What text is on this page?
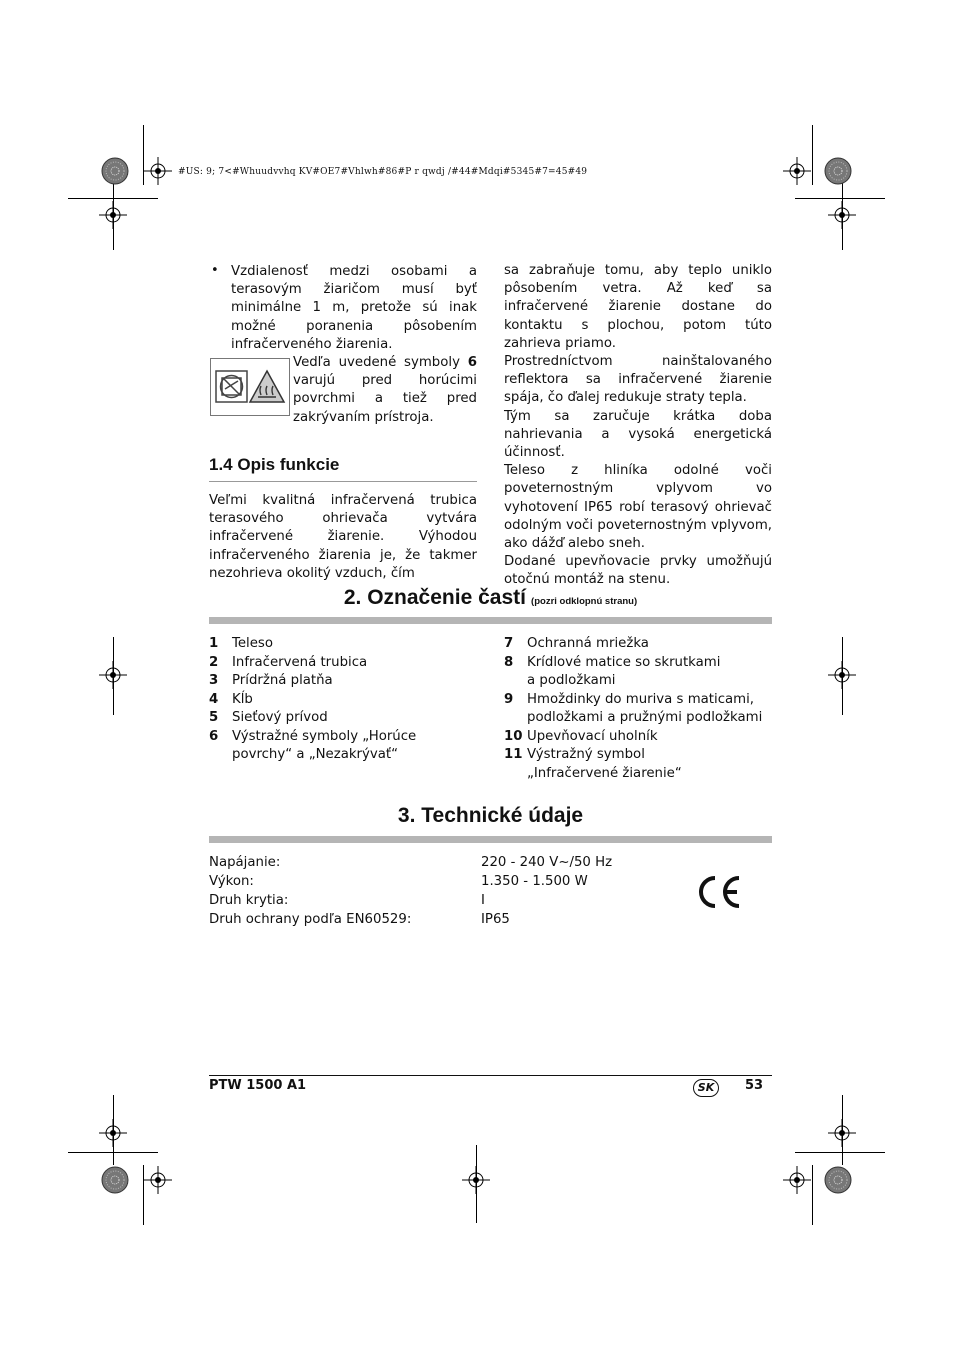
#US: 9; 7<#Whuudvvhq KV#OE7#Vhlwh#86#P r qwdj /#44#Mdqi#5345#7=45#49
Vzdialenosť medzi osobami a terasovým žiaričom musí byť minimálne 1 m, pretože sú inak možné poranenia pôsobením infračerveného žiarenia.
•
Vedľa uvedené symboly 6 varujú pred horúcimi povrchmi a tiež pred zakrývaním prístroja.
1.4 Opis funkcie
Veľmi kvalitná infračervená trubica terasového ohrievača vytvára infračervené žiarenie. Výhodou infračerveného žiarenia je, že takmer nezohrieva okolitý vzduch, čím
sa zabraňuje tomu, aby teplo uniklo pôsobením vetra. Až keď sa infračervené žiarenie dostane do kontaktu s plochou, potom túto zahrieva priamo.
Prostredníctvom nainštalovaného reflektora sa infračervené žiarenie spája, čo ďalej redukuje straty tepla.
Tým sa zaručuje krátka doba nahrievania a vysoká energetická účinnosť.
Teleso z hliníka odolné voči poveternostným vplyvom vo vyhotovení IP65 robí terasový ohrievač odolným voči poveternostným vplyvom, ako dážď alebo sneh.
Dodané upevňovacie prvky umožňujú otočnú montáž na stenu.
2. Označenie častí (pozri odklopnú stranu)
1	Teleso
2	Infračervená trubica
3	Prídržná platňa
4	Kĺb
5	Sieťový prívod
6	Výstražné symboly „Horúce povrchy“ a „Nezakrývať“
7	Ochranná mriežka
8	Krídlové matice so skrutkami a podložkami
9	Hmoždinky do muriva s maticami, podložkami a pružnými podložkami
10 Upevňovací uholník
11 Výstražný symbol „Infračervené žiarenie“
3. Technické údaje
Napájanie:	220 - 240 V~/50 Hz
Výkon:	1.350 - 1.500 W
Druh krytia:	I
Druh ochrany podľa EN60529:	IP65
PTW 1500 A1	SK	53
